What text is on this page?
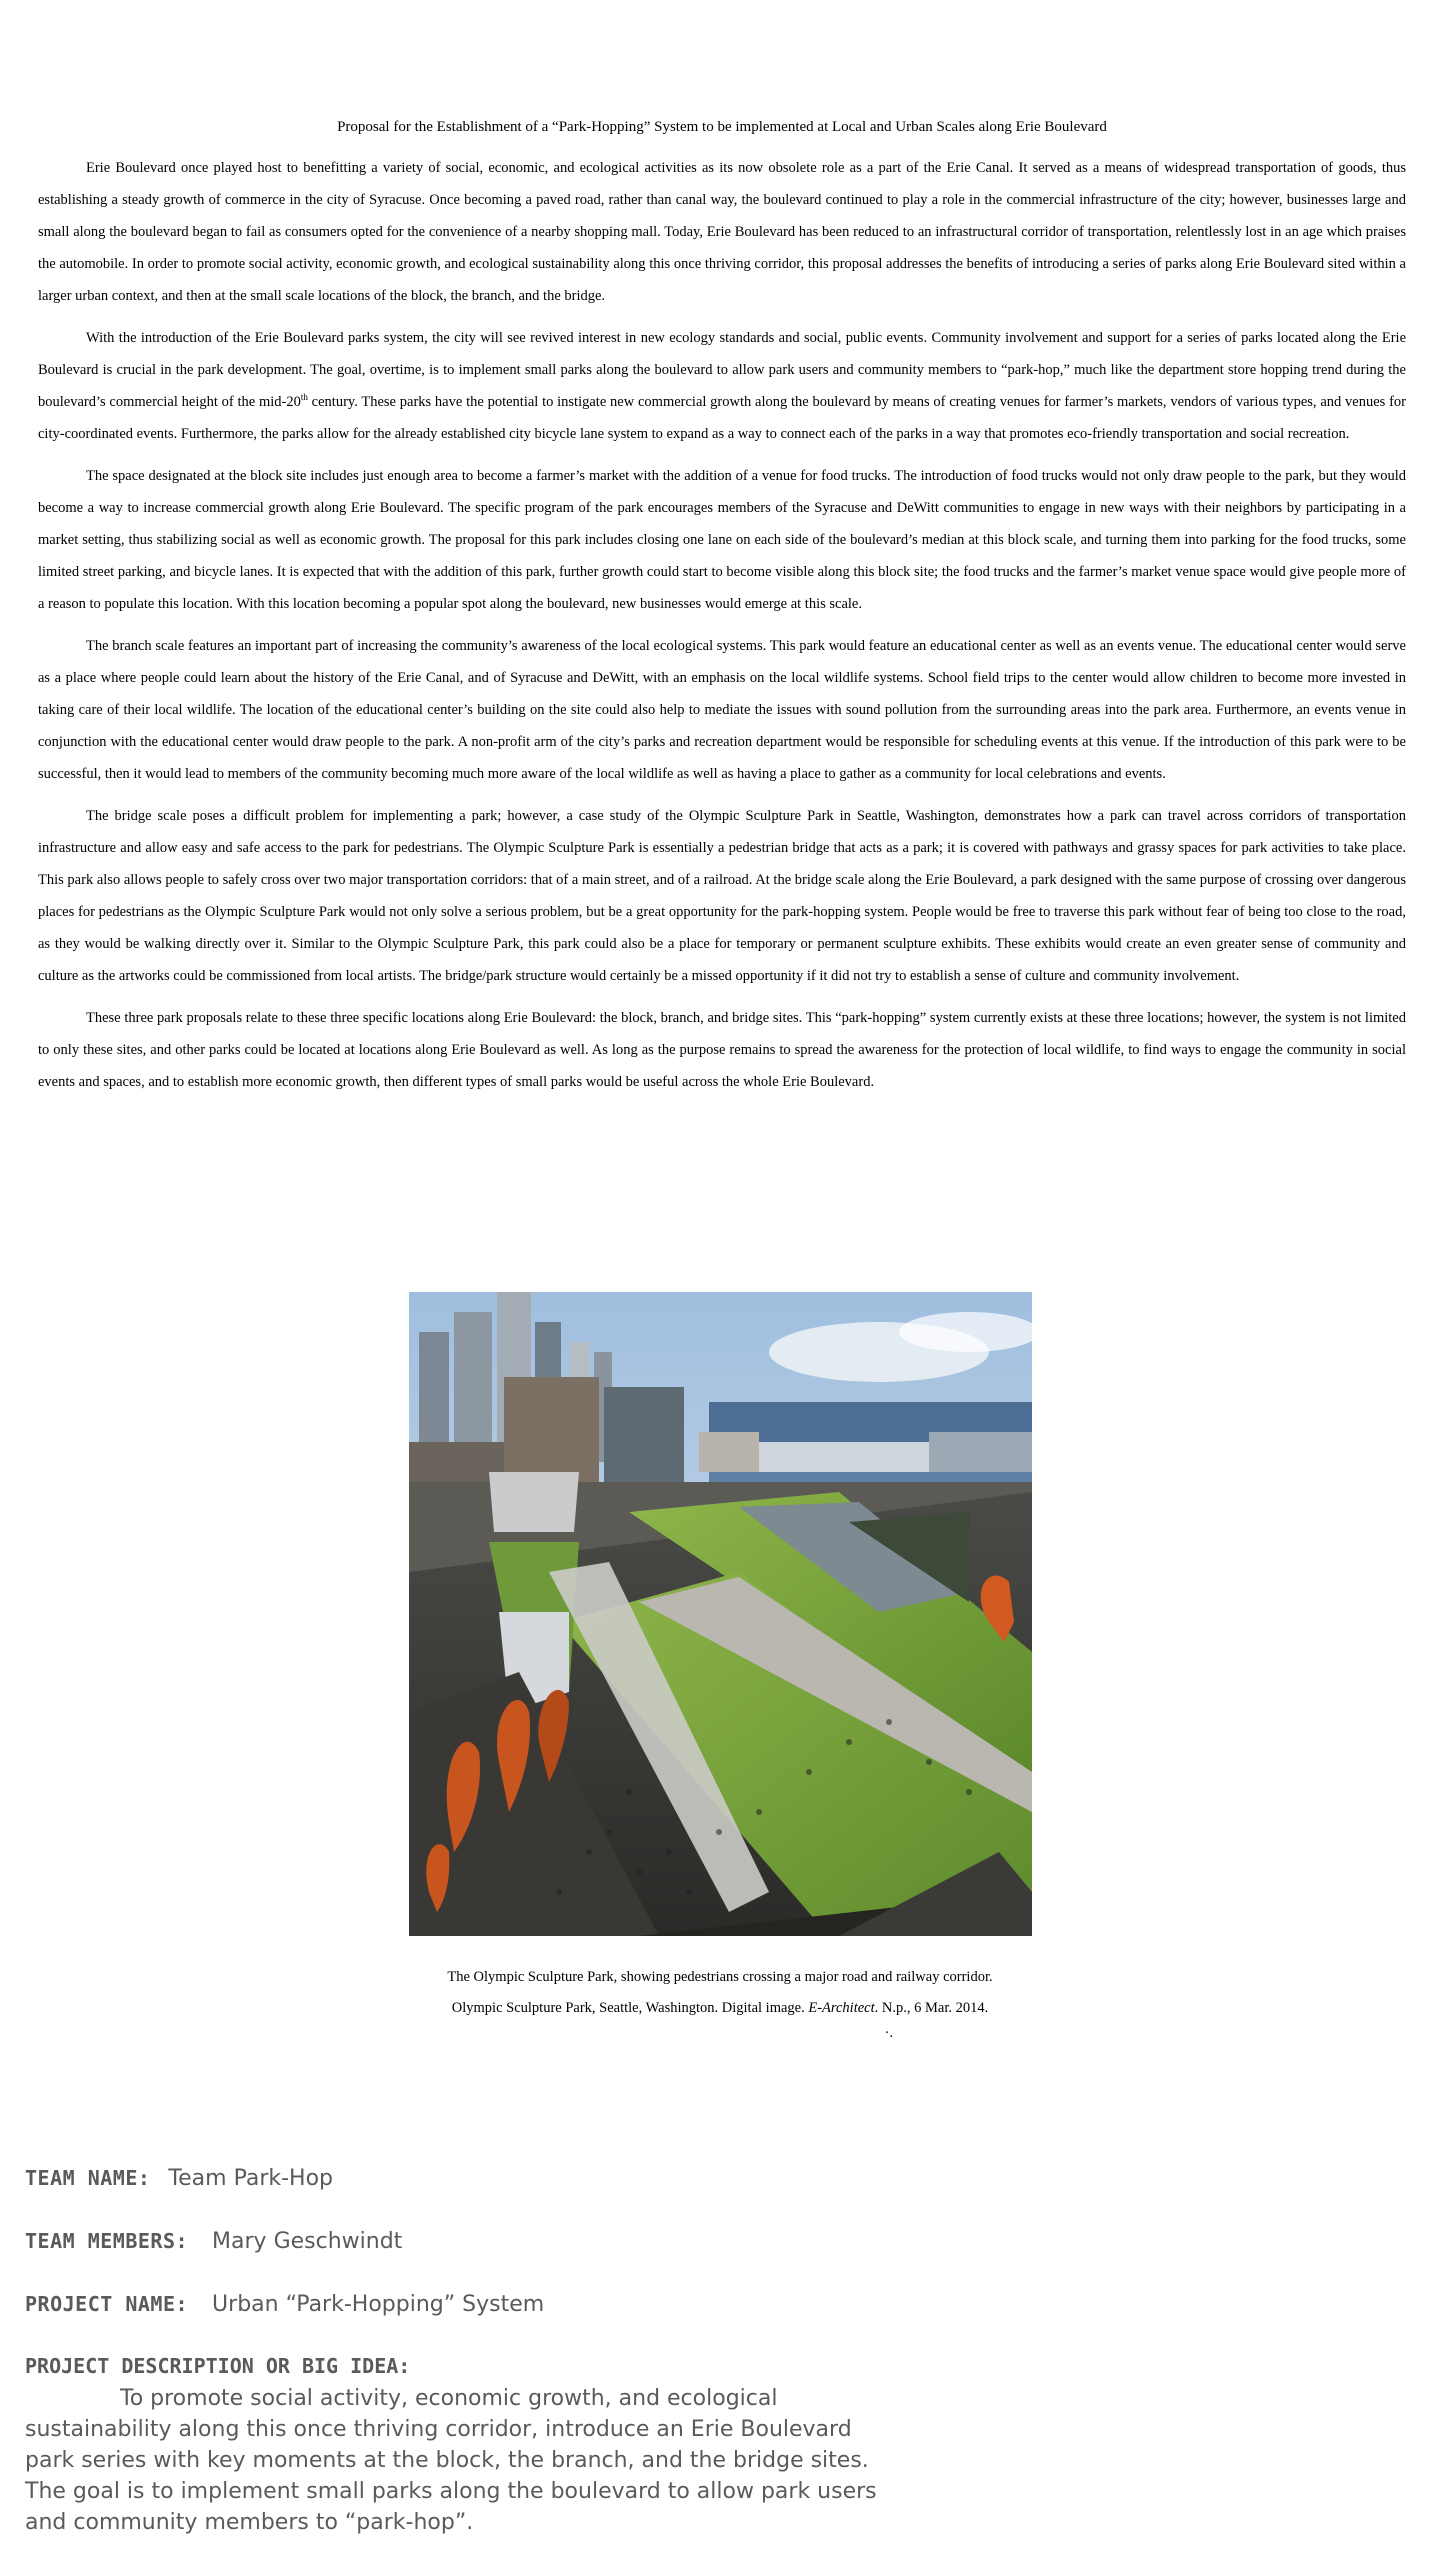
Proposal for the Establishment of a “Park-Hopping” System to be implemented at Local and Urban Scales along Erie Boulevard

Erie Boulevard once played host to benefitting a variety of social, economic, and ecological activities as its now obsolete role as a part of the Erie Canal. It served as a means of widespread transportation of goods, thus establishing a steady growth of commerce in the city of Syracuse. Once becoming a paved road, rather than canal way, the boulevard continued to play a role in the commercial infrastructure of the city; however, businesses large and small along the boulevard began to fail as consumers opted for the convenience of a nearby shopping mall. Today, Erie Boulevard has been reduced to an infrastructural corridor of transportation, relentlessly lost in an age which praises the automobile. In order to promote social activity, economic growth, and ecological sustainability along this once thriving corridor, this proposal addresses the benefits of introducing a series of parks along Erie Boulevard sited within a larger urban context, and then at the small scale locations of the block, the branch, and the bridge.

With the introduction of the Erie Boulevard parks system, the city will see revived interest in new ecology standards and social, public events. Community involvement and support for a series of parks located along the Erie Boulevard is crucial in the park development. The goal, overtime, is to implement small parks along the boulevard to allow park users and community members to “park-hop,” much like the department store hopping trend during the boulevard’s commercial height of the mid-20th century. These parks have the potential to instigate new commercial growth along the boulevard by means of creating venues for farmer’s markets, vendors of various types, and venues for city-coordinated events. Furthermore, the parks allow for the already established city bicycle lane system to expand as a way to connect each of the parks in a way that promotes eco-friendly transportation and social recreation.

The space designated at the block site includes just enough area to become a farmer’s market with the addition of a venue for food trucks. The introduction of food trucks would not only draw people to the park, but they would become a way to increase commercial growth along Erie Boulevard. The specific program of the park encourages members of the Syracuse and DeWitt communities to engage in new ways with their neighbors by participating in a market setting, thus stabilizing social as well as economic growth. The proposal for this park includes closing one lane on each side of the boulevard’s median at this block scale, and turning them into parking for the food trucks, some limited street parking, and bicycle lanes. It is expected that with the addition of this park, further growth could start to become visible along this block site; the food trucks and the farmer’s market venue space would give people more of a reason to populate this location. With this location becoming a popular spot along the boulevard, new businesses would emerge at this scale.

The branch scale features an important part of increasing the community’s awareness of the local ecological systems. This park would feature an educational center as well as an events venue. The educational center would serve as a place where people could learn about the history of the Erie Canal, and of Syracuse and DeWitt, with an emphasis on the local wildlife systems. School field trips to the center would allow children to become more invested in taking care of their local wildlife. The location of the educational center’s building on the site could also help to mediate the issues with sound pollution from the surrounding areas into the park area. Furthermore, an events venue in conjunction with the educational center would draw people to the park. A non-profit arm of the city’s parks and recreation department would be responsible for scheduling events at this venue. If the introduction of this park were to be successful, then it would lead to members of the community becoming much more aware of the local wildlife as well as having a place to gather as a community for local celebrations and events.

The bridge scale poses a difficult problem for implementing a park; however, a case study of the Olympic Sculpture Park in Seattle, Washington, demonstrates how a park can travel across corridors of transportation infrastructure and allow easy and safe access to the park for pedestrians. The Olympic Sculpture Park is essentially a pedestrian bridge that acts as a park; it is covered with pathways and grassy spaces for park activities to take place. This park also allows people to safely cross over two major transportation corridors: that of a main street, and of a railroad. At the bridge scale along the Erie Boulevard, a park designed with the same purpose of crossing over dangerous places for pedestrians as the Olympic Sculpture Park would not only solve a serious problem, but be a great opportunity for the park-hopping system. People would be free to traverse this park without fear of being too close to the road, as they would be walking directly over it. Similar to the Olympic Sculpture Park, this park could also be a place for temporary or permanent sculpture exhibits. These exhibits would create an even greater sense of community and culture as the artworks could be commissioned from local artists. The bridge/park structure would certainly be a missed opportunity if it did not try to establish a sense of culture and community involvement.

These three park proposals relate to these three specific locations along Erie Boulevard: the block, branch, and bridge sites. This “park-hopping” system currently exists at these three locations; however, the system is not limited to only these sites, and other parks could be located at locations along Erie Boulevard as well. As long as the purpose remains to spread the awareness for the protection of local wildlife, to find ways to engage the community in social events and spaces, and to establish more economic growth, then different types of small parks would be useful across the whole Erie Boulevard.

The Olympic Sculpture Park, showing pedestrians crossing a major road and railway corridor.
Olympic Sculpture Park, Seattle, Washington. Digital image. E-Architect. N.p., 6 Mar. 2014.
·.
TEAM NAME: Team Park-Hop
TEAM MEMBERS: Mary Geschwindt
PROJECT NAME: Urban “Park-Hopping” System
PROJECT DESCRIPTION OR BIG IDEA:

To promote social activity, economic growth, and ecological sustainability along this once thriving corridor, introduce an Erie Boulevard park series with key moments at the block, the branch, and the bridge sites. The goal is to implement small parks along the boulevard to allow park users and community members to “park-hop”.
